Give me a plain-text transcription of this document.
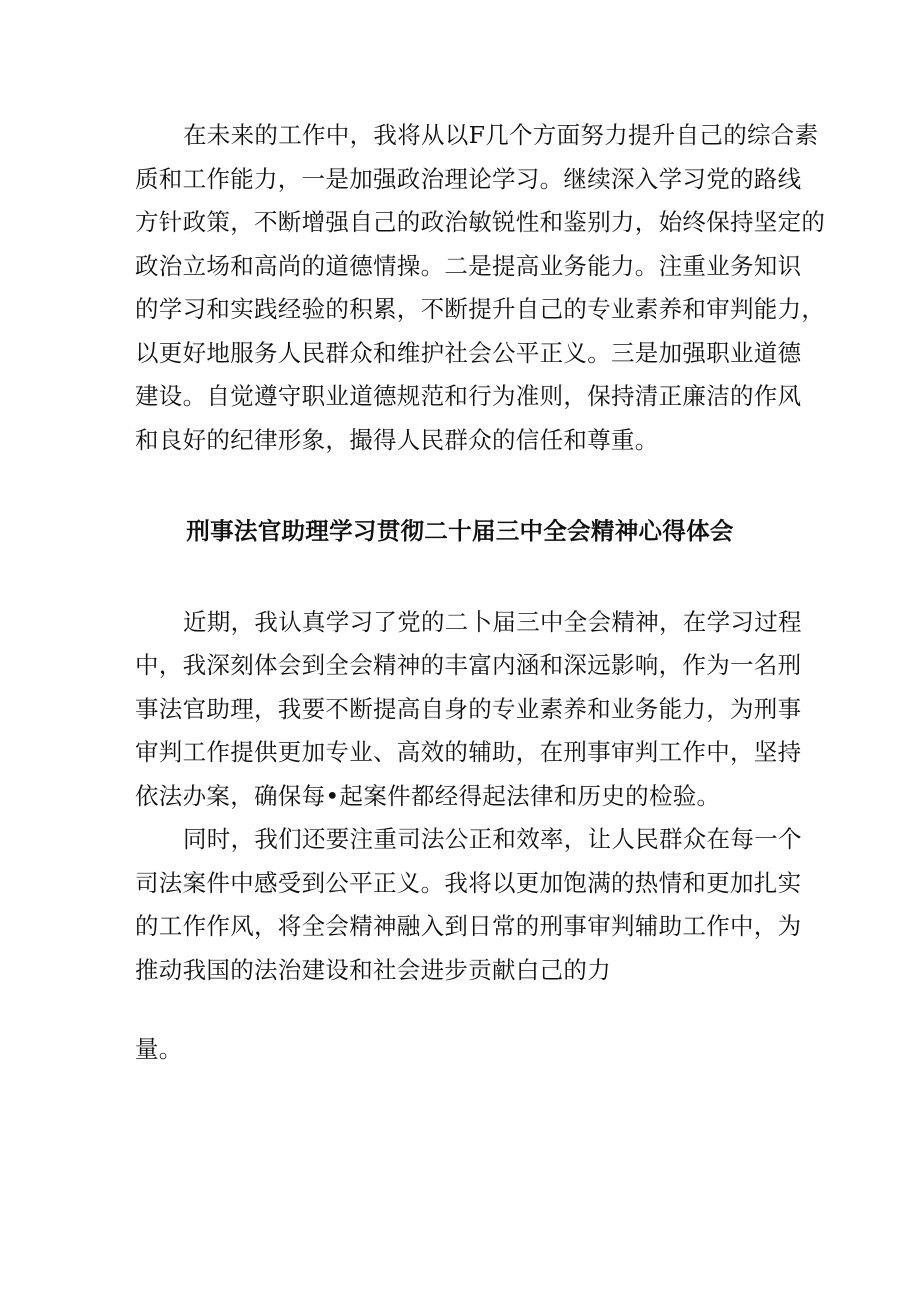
在未来的工作中，我将从以F几个方面努力提升自己的综合素
质和工作能力，一是加强政治理论学习。继续深入学习党的路线
方针政策，不断增强自己的政治敏锐性和鉴别力，始终保持坚定的
政治立场和高尚的道德情操。二是提高业务能力。注重业务知识
的学习和实践经验的积累，不断提升自己的专业素养和审判能力，
以更好地服务人民群众和维护社会公平正义。三是加强职业道德
建设。自觉遵守职业道德规范和行为准则，保持清正廉洁的作风
和良好的纪律形象，撮得人民群众的信任和尊重。
刑事法官助理学习贯彻二十届三中全会精神心得体会
近期，我认真学习了党的二卜届三中全会精神，在学习过程
中，我深刻体会到全会精神的丰富内涵和深远影响，作为一名刑
事法官助理，我要不断提高自身的专业素养和业务能力，为刑事
审判工作提供更加专业、高效的辅助，在刑事审判工作中，坚持
依法办案，确保每•起案件都经得起法律和历史的检验。
同时，我们还要注重司法公正和效率，让人民群众在每一个
司法案件中感受到公平正义。我将以更加饱满的热情和更加扎实
的工作作风，将全会精神融入到日常的刑事审判辅助工作中，为
推动我国的法治建设和社会进步贡献白己的力
量。
